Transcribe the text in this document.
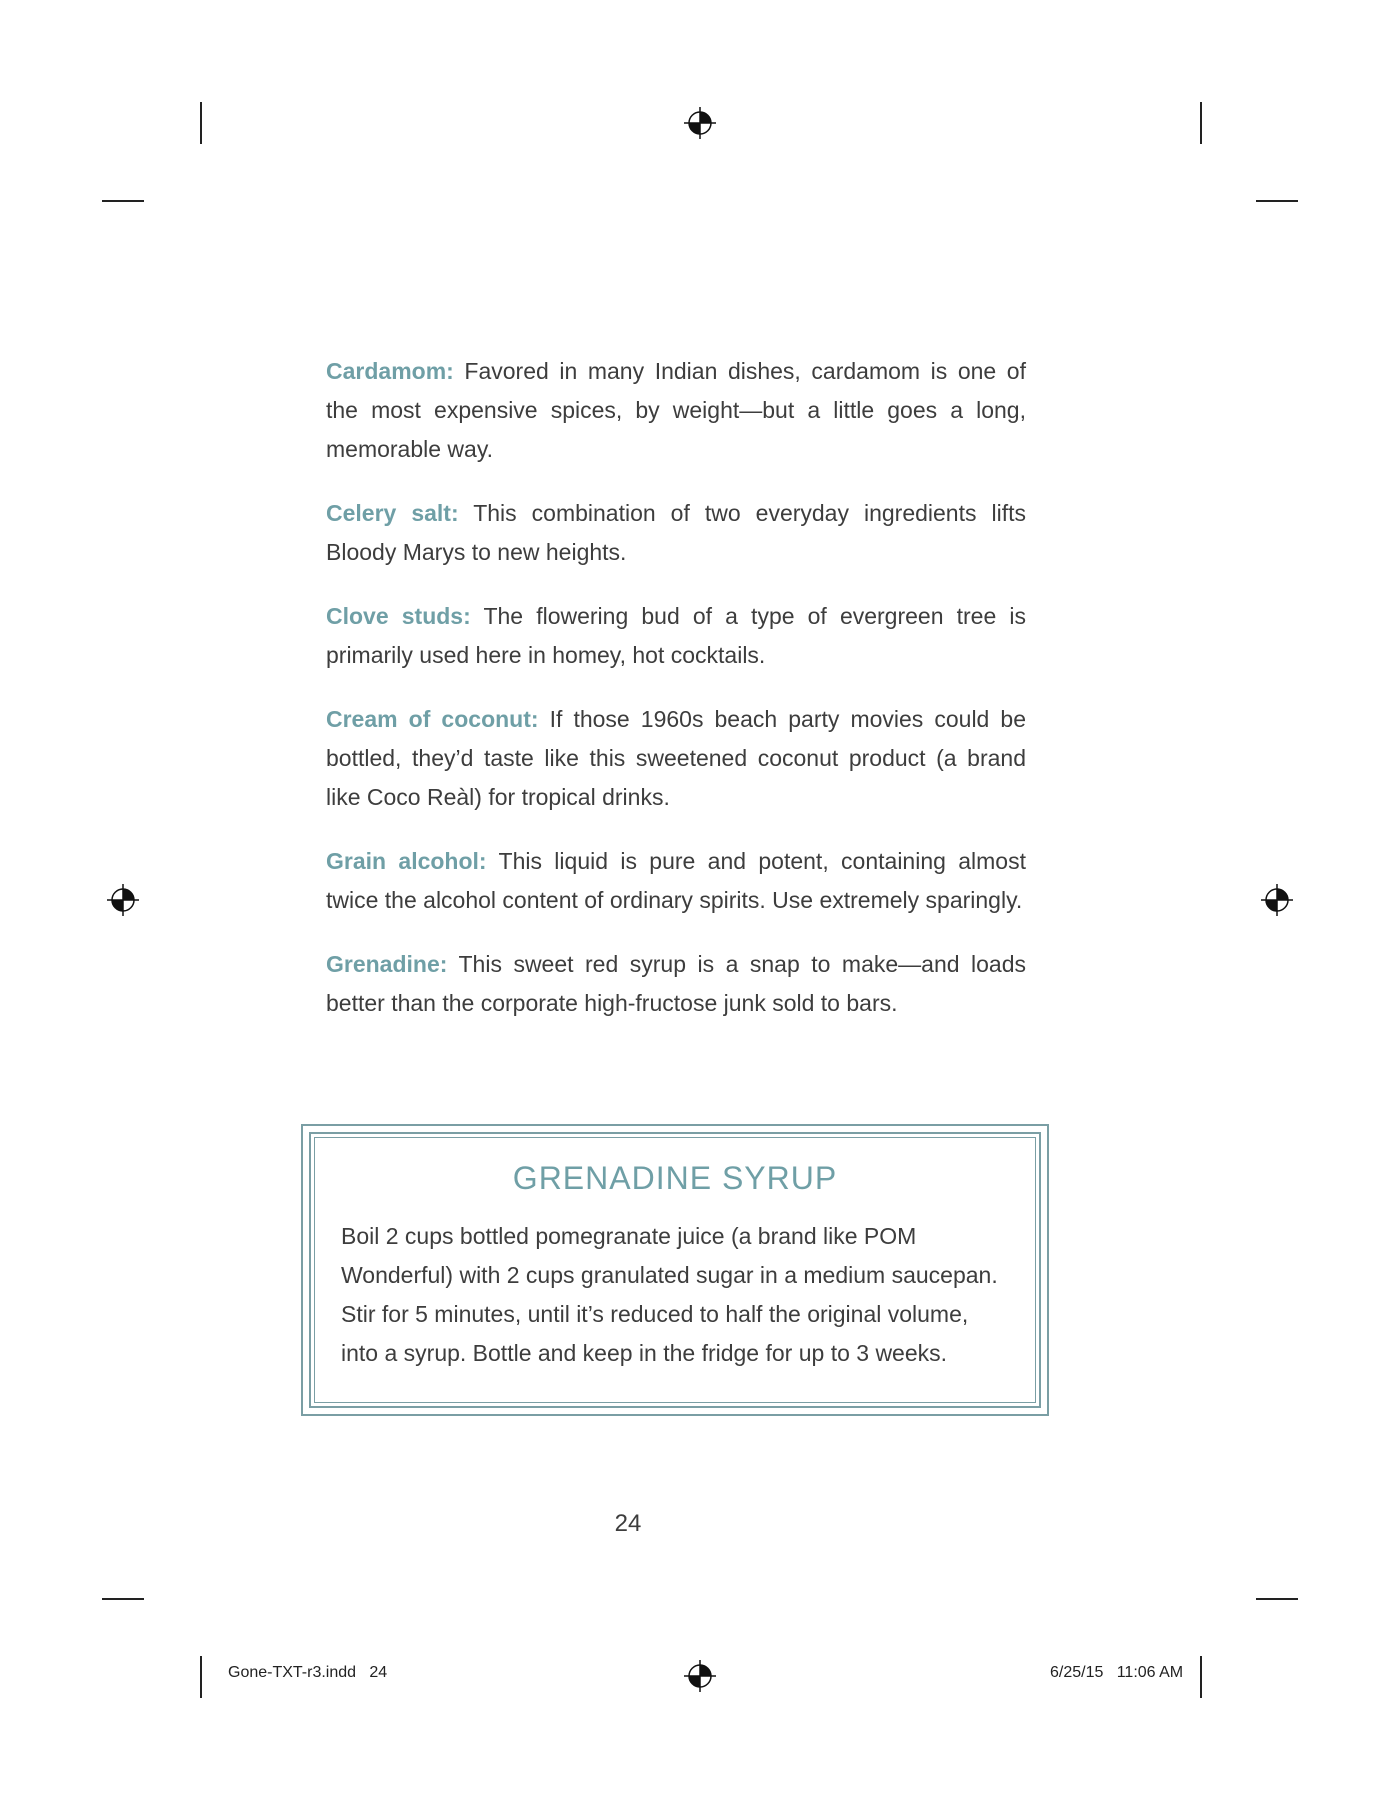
Cardamom: Favored in many Indian dishes, cardamom is one of the most expensive spices, by weight—but a little goes a long, memorable way.

Celery salt: This combination of two everyday ingredients lifts Bloody Marys to new heights.

Clove studs: The flowering bud of a type of evergreen tree is primarily used here in homey, hot cocktails.

Cream of coconut: If those 1960s beach party movies could be bottled, they’d taste like this sweetened coconut product (a brand like Coco Reàl) for tropical drinks.

Grain alcohol: This liquid is pure and potent, containing almost twice the alcohol content of ordinary spirits. Use extremely sparingly.

Grenadine: This sweet red syrup is a snap to make—and loads better than the corporate high-fructose junk sold to bars.

GRENADINE SYRUP

Boil 2 cups bottled pomegranate juice (a brand like POM Wonderful) with 2 cups granulated sugar in a medium saucepan. Stir for 5 minutes, until it’s reduced to half the original volume, into a syrup. Bottle and keep in the fridge for up to 3 weeks.

24
Gone-TXT-r3.indd   24	6/25/15   11:06 AM
